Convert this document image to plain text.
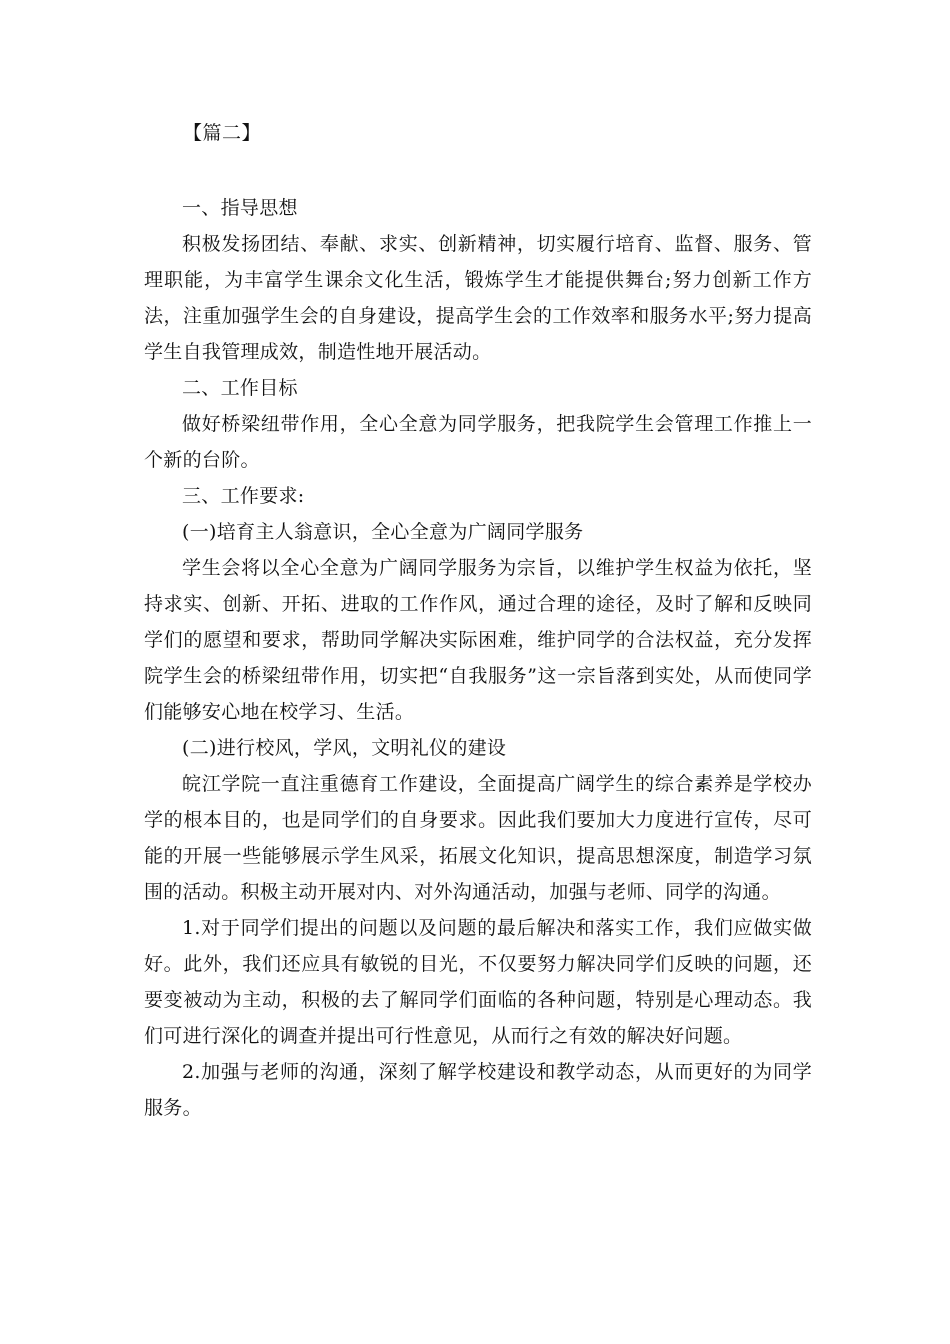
【篇二】

一、指导思想

积极发扬团结、奉献、求实、创新精神，切实履行培育、监督、服务、管理职能，为丰富学生课余文化生活，锻炼学生才能提供舞台;努力创新工作方法，注重加强学生会的自身建设，提高学生会的工作效率和服务水平;努力提高学生自我管理成效，制造性地开展活动。

二、工作目标

做好桥梁纽带作用，全心全意为同学服务，把我院学生会管理工作推上一个新的台阶。

三、工作要求:

(一)培育主人翁意识，全心全意为广阔同学服务

学生会将以全心全意为广阔同学服务为宗旨，以维护学生权益为依托，坚持求实、创新、开拓、进取的工作作风，通过合理的途径，及时了解和反映同学们的愿望和要求，帮助同学解决实际困难，维护同学的合法权益，充分发挥院学生会的桥梁纽带作用，切实把“自我服务”这一宗旨落到实处，从而使同学们能够安心地在校学习、生活。

(二)进行校风，学风，文明礼仪的建设

皖江学院一直注重德育工作建设，全面提高广阔学生的综合素养是学校办学的根本目的，也是同学们的自身要求。因此我们要加大力度进行宣传，尽可能的开展一些能够展示学生风采，拓展文化知识，提高思想深度，制造学习氛围的活动。积极主动开展对内、对外沟通活动，加强与老师、同学的沟通。

1.对于同学们提出的问题以及问题的最后解决和落实工作，我们应做实做好。此外，我们还应具有敏锐的目光，不仅要努力解决同学们反映的问题，还要变被动为主动，积极的去了解同学们面临的各种问题，特别是心理动态。我们可进行深化的调查并提出可行性意见，从而行之有效的解决好问题。

2.加强与老师的沟通，深刻了解学校建设和教学动态，从而更好的为同学服务。
